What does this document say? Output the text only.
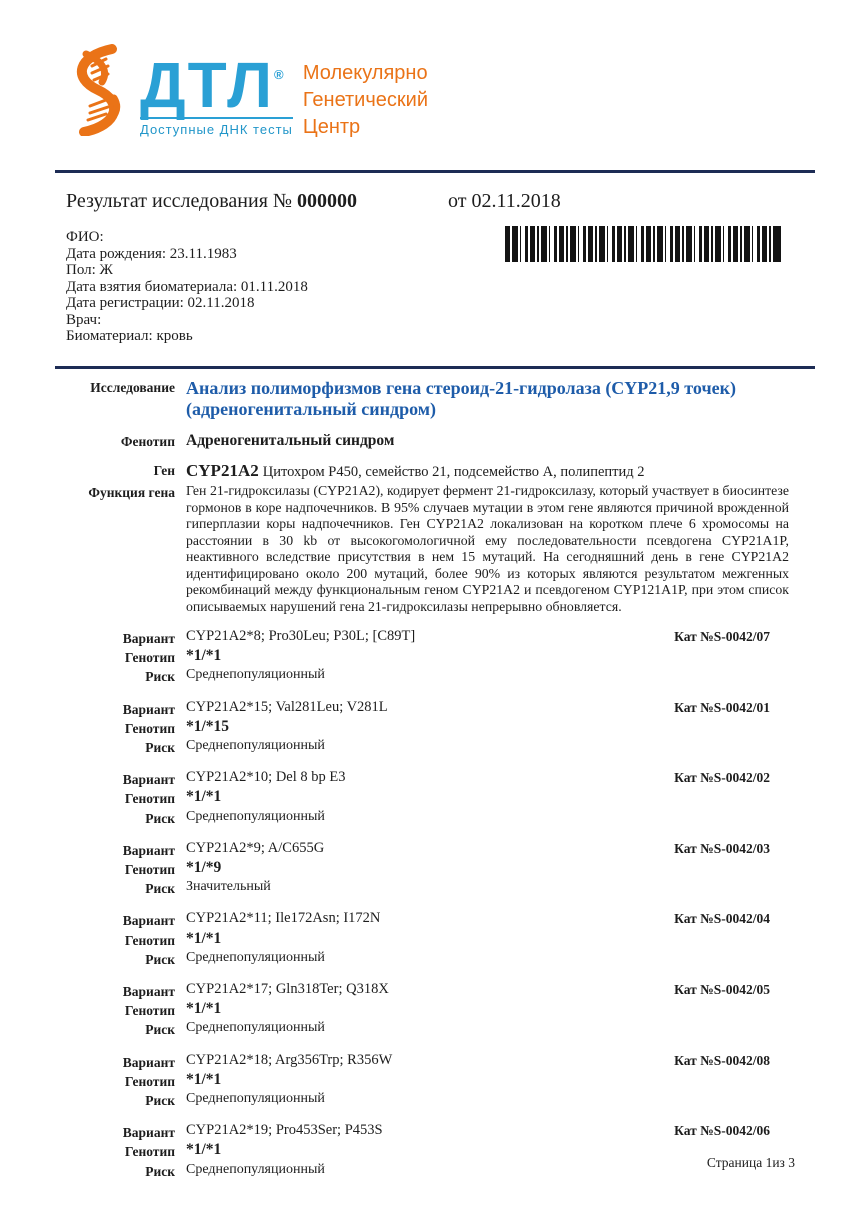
ДТЛ®
Доступные ДНК тесты
Молекулярно
Генетический
Центр
Результат исследования № 000000	от 02.11.2018
ФИО:
Дата рождения: 23.11.1983
Пол: Ж
Дата взятия биоматериала: 01.11.2018
Дата регистрации: 02.11.2018
Врач:
Биоматериал: кровь
Исследование Анализ полиморфизмов гена стероид-21-гидролаза (CYP21,9 точек)
(адреногенитальный синдром)
Фенотип Адреногенитальный синдром
Ген CYP21A2 Цитохром Р450, семейство 21, подсемейство А, полипептид 2
Функция гена Ген 21-гидроксилазы (CYP21A2), кодирует фермент 21-гидроксилазу, который участвует в биосинтезе гормонов в коре надпочечников. В 95% случаев мутации в этом гене являются причиной врожденной гиперплазии коры надпочечников. Ген CYP21A2 локализован на коротком плече 6 хромосомы на расстоянии в 30 kb от высокогомологичной ему последовательности псевдогена CYP21A1P, неактивного вследствие присутствия в нем 15 мутаций. На сегодняшний день в гене CYP21A2 идентифицировано около 200 мутаций, более 90% из которых являются результатом межгенных рекомбинаций между функциональным геном CYP21A2 и псевдогеном CYP121A1P, при этом список описываемых нарушений гена 21-гидроксилазы непрерывно обновляется.
Вариант CYP21A2*8; Pro30Leu; P30L; [C89T]	Кат №S-0042/07
Генотип *1/*1
Риск Среднепопуляционный
Вариант CYP21A2*15; Val281Leu; V281L	Кат №S-0042/01
Генотип *1/*15
Риск Среднепопуляционный
Вариант CYP21A2*10; Del 8 bp E3	Кат №S-0042/02
Генотип *1/*1
Риск Среднепопуляционный
Вариант CYP21A2*9; A/C655G	Кат №S-0042/03
Генотип *1/*9
Риск Значительный
Вариант CYP21A2*11; Ile172Asn; I172N	Кат №S-0042/04
Генотип *1/*1
Риск Среднепопуляционный
Вариант CYP21A2*17; Gln318Ter; Q318X	Кат №S-0042/05
Генотип *1/*1
Риск Среднепопуляционный
Вариант CYP21A2*18; Arg356Trp; R356W	Кат №S-0042/08
Генотип *1/*1
Риск Среднепопуляционный
Вариант CYP21A2*19; Pro453Ser; P453S	Кат №S-0042/06
Генотип *1/*1
Риск Среднепопуляционный	Страница 1из 3
